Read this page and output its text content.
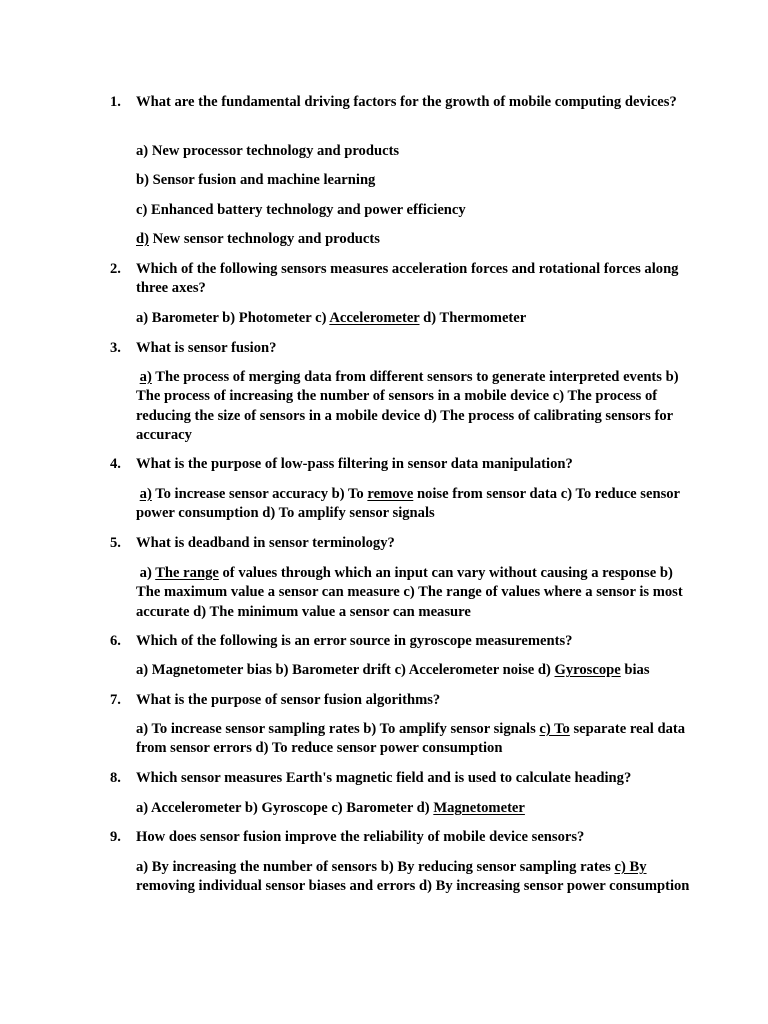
1.	What are the fundamental driving factors for the growth of mobile computing devices?
a) New processor technology and products
b) Sensor fusion and machine learning
c) Enhanced battery technology and power efficiency
d) New sensor technology and products
2.	Which of the following sensors measures acceleration forces and rotational forces along three axes?
a) Barometer b) Photometer c) Accelerometer d) Thermometer
3.	What is sensor fusion?
a) The process of merging data from different sensors to generate interpreted events b) The process of increasing the number of sensors in a mobile device c) The process of reducing the size of sensors in a mobile device d) The process of calibrating sensors for accuracy
4.	What is the purpose of low-pass filtering in sensor data manipulation?
a) To increase sensor accuracy b) To remove noise from sensor data c) To reduce sensor power consumption d) To amplify sensor signals
5.	What is deadband in sensor terminology?
a) The range of values through which an input can vary without causing a response b) The maximum value a sensor can measure c) The range of values where a sensor is most accurate d) The minimum value a sensor can measure
6.	Which of the following is an error source in gyroscope measurements?
a) Magnetometer bias b) Barometer drift c) Accelerometer noise d) Gyroscope bias
7.	What is the purpose of sensor fusion algorithms?
a) To increase sensor sampling rates b) To amplify sensor signals c) To separate real data from sensor errors d) To reduce sensor power consumption
8.	Which sensor measures Earth's magnetic field and is used to calculate heading?
a) Accelerometer b) Gyroscope c) Barometer d) Magnetometer
9.	How does sensor fusion improve the reliability of mobile device sensors?
a) By increasing the number of sensors b) By reducing sensor sampling rates c) By removing individual sensor biases and errors d) By increasing sensor power consumption
